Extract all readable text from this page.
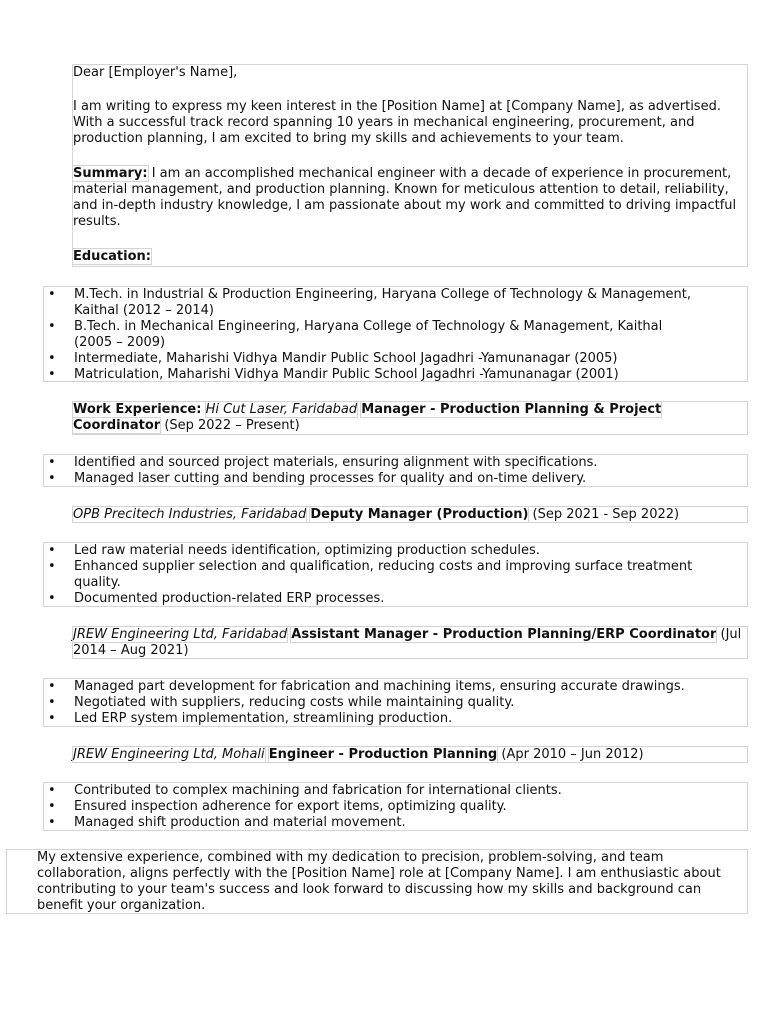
Dear [Employer's Name],

I am writing to express my keen interest in the [Position Name] at [Company Name], as advertised. With a successful track record spanning 10 years in mechanical engineering, procurement, and production planning, I am excited to bring my skills and achievements to your team.

Summary: I am an accomplished mechanical engineer with a decade of experience in procurement, material management, and production planning. Known for meticulous attention to detail, reliability, and in-depth industry knowledge, I am passionate about my work and committed to driving impactful results.

Education:

• M.Tech. in Industrial & Production Engineering, Haryana College of Technology & Management, Kaithal (2012 – 2014)
• B.Tech. in Mechanical Engineering, Haryana College of Technology & Management, Kaithal (2005 – 2009)
• Intermediate, Maharishi Vidhya Mandir Public School Jagadhri -Yamunanagar (2005)
• Matriculation, Maharishi Vidhya Mandir Public School Jagadhri -Yamunanagar (2001)

Work Experience: Hi Cut Laser, Faridabad Manager - Production Planning & Project Coordinator (Sep 2022 – Present)

• Identified and sourced project materials, ensuring alignment with specifications.
• Managed laser cutting and bending processes for quality and on-time delivery.

OPB Precitech Industries, Faridabad Deputy Manager (Production) (Sep 2021 - Sep 2022)

• Led raw material needs identification, optimizing production schedules.
• Enhanced supplier selection and qualification, reducing costs and improving surface treatment quality.
• Documented production-related ERP processes.

JREW Engineering Ltd, Faridabad Assistant Manager - Production Planning/ERP Coordinator (Jul 2014 – Aug 2021)

• Managed part development for fabrication and machining items, ensuring accurate drawings.
• Negotiated with suppliers, reducing costs while maintaining quality.
• Led ERP system implementation, streamlining production.

JREW Engineering Ltd, Mohali Engineer - Production Planning (Apr 2010 – Jun 2012)

• Contributed to complex machining and fabrication for international clients.
• Ensured inspection adherence for export items, optimizing quality.
• Managed shift production and material movement.

My extensive experience, combined with my dedication to precision, problem-solving, and team collaboration, aligns perfectly with the [Position Name] role at [Company Name]. I am enthusiastic about contributing to your team's success and look forward to discussing how my skills and background can benefit your organization.
